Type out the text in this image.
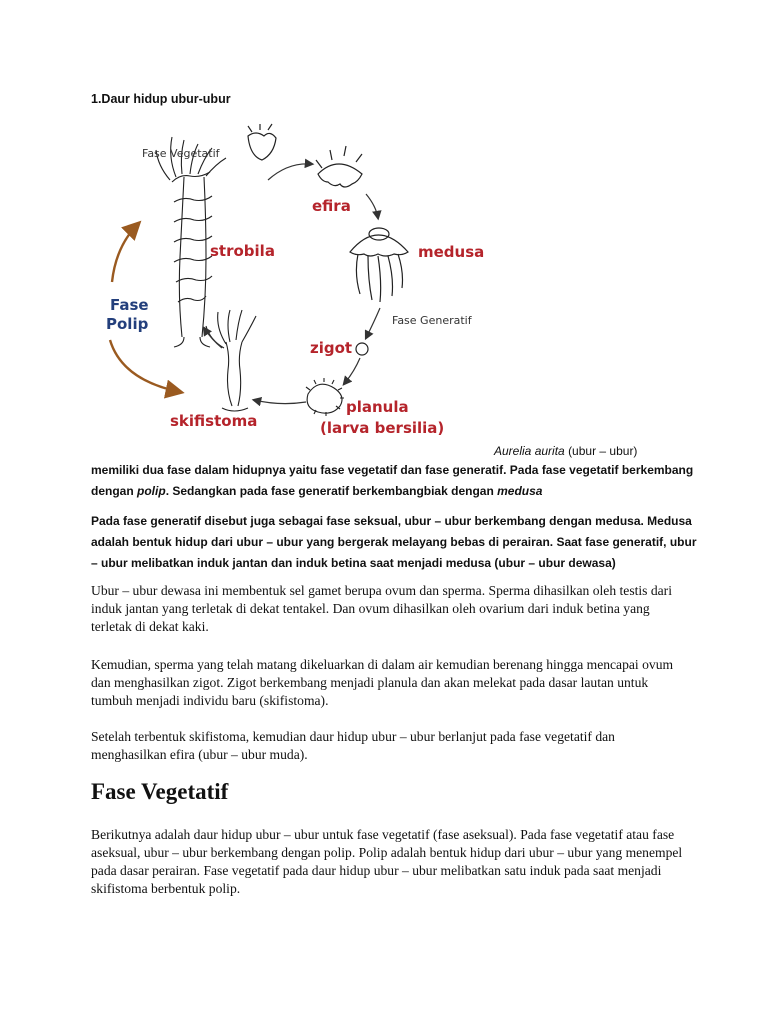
1.Daur hidup ubur-ubur
Fase Vegetatif
efira
strobila	medusa
Fase
Polip	Fase Generatif
zigot
planula
(larva bersilia)
skifistoma
Aurelia aurita (ubur – ubur)
memiliki dua fase dalam hidupnya yaitu fase vegetatif dan fase generatif. Pada fase vegetatif berkembang dengan polip. Sedangkan pada fase generatif berkembangbiak dengan medusa
Pada fase generatif disebut juga sebagai fase seksual, ubur – ubur berkembang dengan medusa. Medusa adalah bentuk hidup dari ubur – ubur yang bergerak melayang bebas di perairan. Saat fase generatif, ubur – ubur melibatkan induk jantan dan induk betina saat menjadi medusa (ubur – ubur dewasa)
Ubur – ubur dewasa ini membentuk sel gamet berupa ovum dan sperma. Sperma dihasilkan oleh testis dari induk jantan yang terletak di dekat tentakel. Dan ovum dihasilkan oleh ovarium dari induk betina yang terletak di dekat kaki.
Kemudian, sperma yang telah matang dikeluarkan di dalam air kemudian berenang hingga mencapai ovum dan menghasilkan zigot. Zigot berkembang menjadi planula dan akan melekat pada dasar lautan untuk tumbuh menjadi individu baru (skifistoma).
Setelah terbentuk skifistoma, kemudian daur hidup ubur – ubur berlanjut pada fase vegetatif dan menghasilkan efira (ubur – ubur muda).
Fase Vegetatif
Berikutnya adalah daur hidup ubur – ubur untuk fase vegetatif (fase aseksual). Pada fase vegetatif atau fase aseksual, ubur – ubur berkembang dengan polip. Polip adalah bentuk hidup dari ubur – ubur yang menempel pada dasar perairan. Fase vegetatif pada daur hidup ubur – ubur melibatkan satu induk pada saat menjadi skifistoma berbentuk polip.
